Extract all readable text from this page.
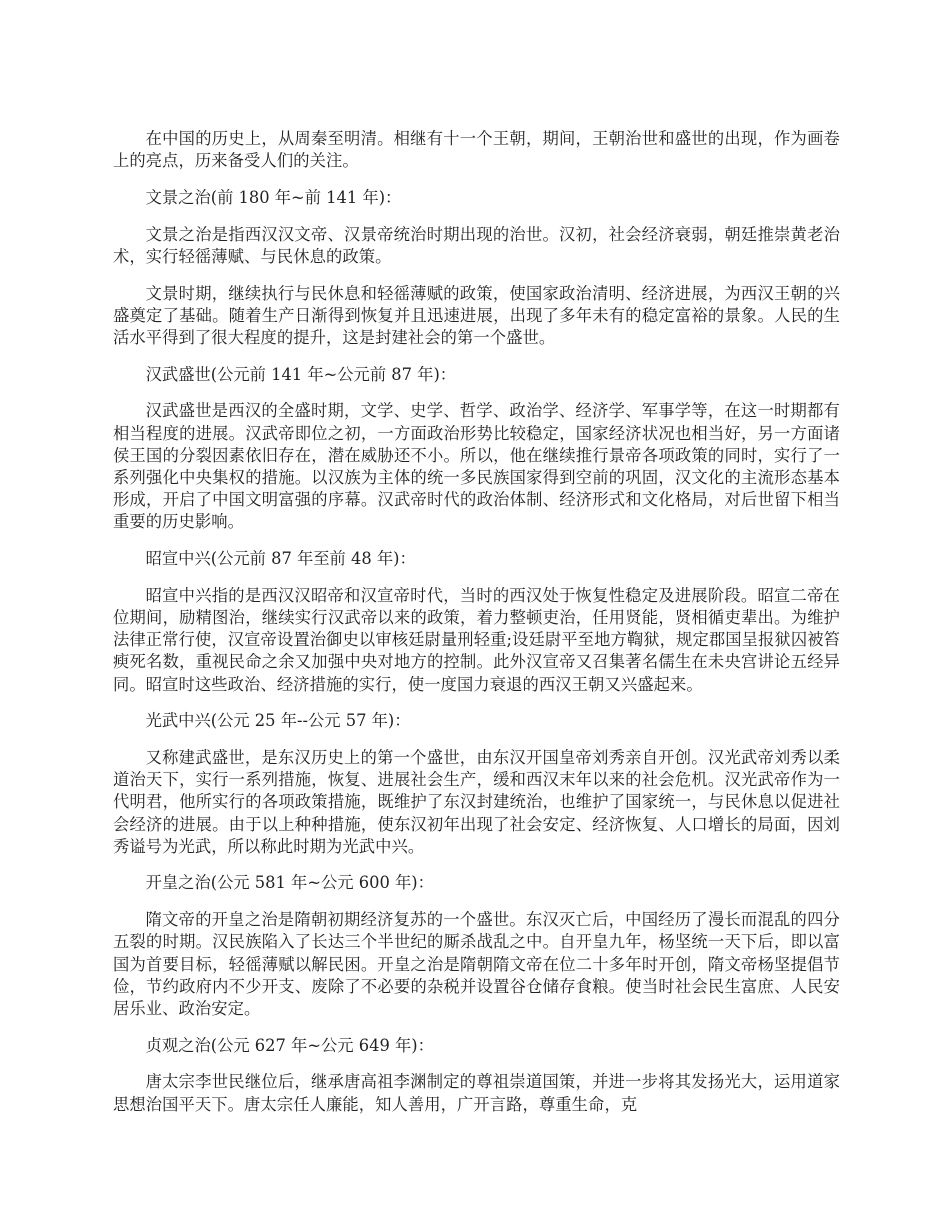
在中国的历史上，从周秦至明清。相继有十一个王朝，期间，王朝治世和盛世的出现，作为画卷上的亮点，历来备受人们的关注。

文景之治(前 180 年~前 141 年)：

文景之治是指西汉汉文帝、汉景帝统治时期出现的治世。汉初，社会经济衰弱，朝廷推崇黄老治术，实行轻徭薄赋、与民休息的政策。

文景时期，继续执行与民休息和轻徭薄赋的政策，使国家政治清明、经济进展，为西汉王朝的兴盛奠定了基础。随着生产日渐得到恢复并且迅速进展，出现了多年未有的稳定富裕的景象。人民的生活水平得到了很大程度的提升，这是封建社会的第一个盛世。

汉武盛世(公元前 141 年~公元前 87 年)：

汉武盛世是西汉的全盛时期，文学、史学、哲学、政治学、经济学、军事学等，在这一时期都有相当程度的进展。汉武帝即位之初，一方面政治形势比较稳定，国家经济状况也相当好，另一方面诸侯王国的分裂因素依旧存在，潜在威胁还不小。所以，他在继续推行景帝各项政策的同时，实行了一系列强化中央集权的措施。以汉族为主体的统一多民族国家得到空前的巩固，汉文化的主流形态基本形成，开启了中国文明富强的序幕。汉武帝时代的政治体制、经济形式和文化格局，对后世留下相当重要的历史影响。

昭宣中兴(公元前 87 年至前 48 年)：

昭宣中兴指的是西汉汉昭帝和汉宣帝时代，当时的西汉处于恢复性稳定及进展阶段。昭宣二帝在位期间，励精图治，继续实行汉武帝以来的政策，着力整顿吏治，任用贤能，贤相循吏辈出。为维护法律正常行使，汉宣帝设置治御史以审核廷尉量刑轻重;设廷尉平至地方鞫狱，规定郡国呈报狱囚被笞瘐死名数，重视民命之余又加强中央对地方的控制。此外汉宣帝又召集著名儒生在未央宫讲论五经异同。昭宣时这些政治、经济措施的实行，使一度国力衰退的西汉王朝又兴盛起来。

光武中兴(公元 25 年--公元 57 年)：

又称建武盛世，是东汉历史上的第一个盛世，由东汉开国皇帝刘秀亲自开创。汉光武帝刘秀以柔道治天下，实行一系列措施，恢复、进展社会生产，缓和西汉末年以来的社会危机。汉光武帝作为一代明君，他所实行的各项政策措施，既维护了东汉封建统治，也维护了国家统一，与民休息以促进社会经济的进展。由于以上种种措施，使东汉初年出现了社会安定、经济恢复、人口增长的局面，因刘秀谥号为光武，所以称此时期为光武中兴。

开皇之治(公元 581 年~公元 600 年)：

隋文帝的开皇之治是隋朝初期经济复苏的一个盛世。东汉灭亡后，中国经历了漫长而混乱的四分五裂的时期。汉民族陷入了长达三个半世纪的厮杀战乱之中。自开皇九年，杨坚统一天下后，即以富国为首要目标，轻徭薄赋以解民困。开皇之治是隋朝隋文帝在位二十多年时开创，隋文帝杨坚提倡节俭，节约政府内不少开支、废除了不必要的杂税并设置谷仓储存食粮。使当时社会民生富庶、人民安居乐业、政治安定。

贞观之治(公元 627 年~公元 649 年)：

唐太宗李世民继位后，继承唐高祖李渊制定的尊祖崇道国策，并进一步将其发扬光大，运用道家思想治国平天下。唐太宗任人廉能，知人善用，广开言路，尊重生命，克
